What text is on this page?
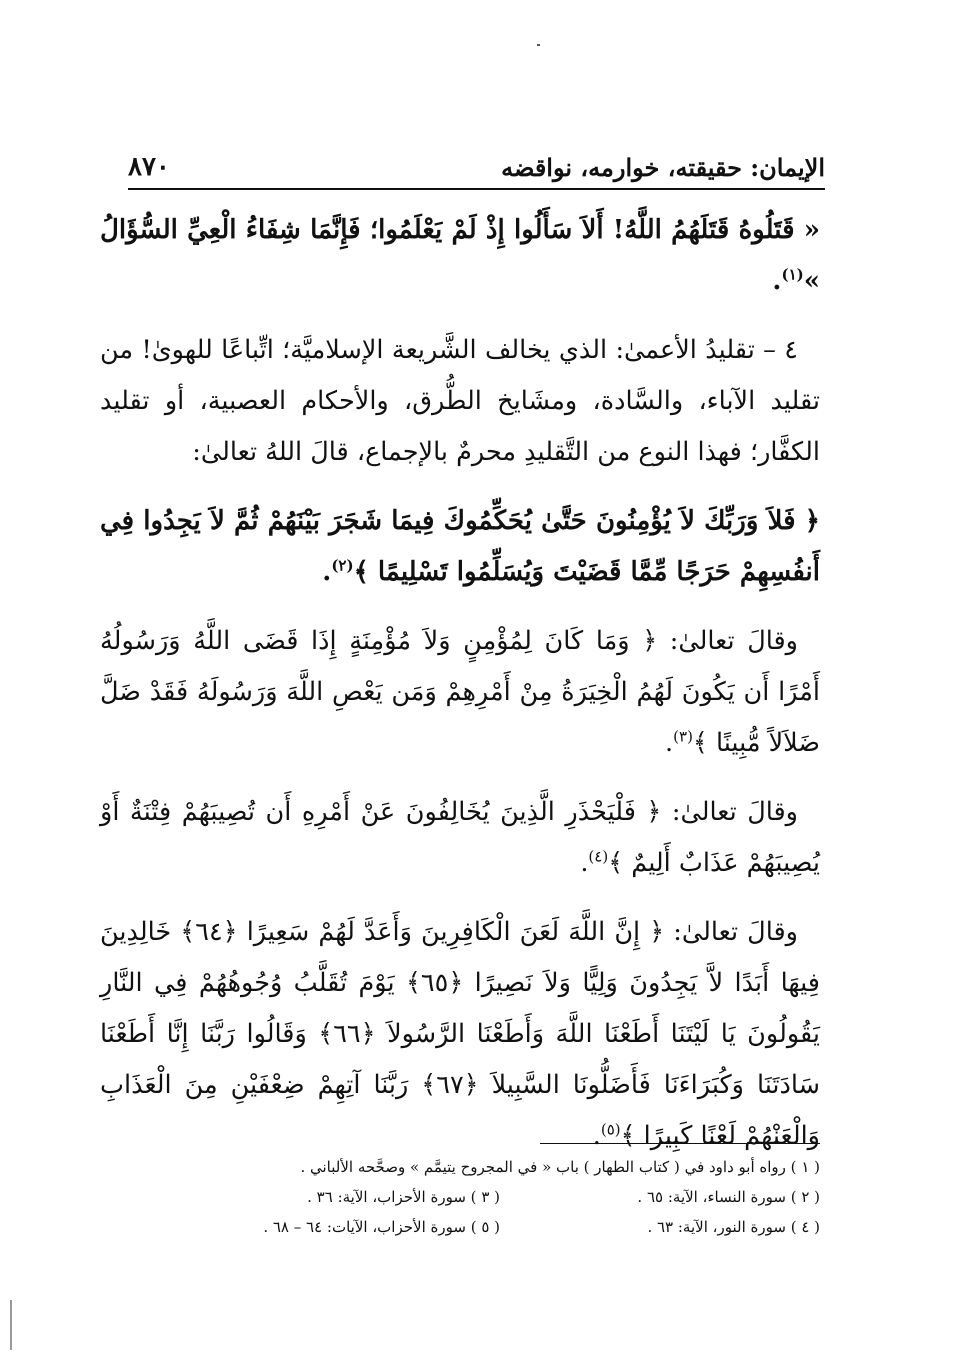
الإيمان: حقيقته، خوارمه، نواقضه
٨٧٠

« قَتَلُوهُ قَتَلَهُمُ اللَّهُ! أَلاَ سَأَلُوا إِذْ لَمْ يَعْلَمُوا؛ فَإِنَّمَا شِفَاءُ الْعِيِّ السُّؤَالُ »$^{(١)}$.

٤ – تقليدُ الأعمىٰ: الذي يخالف الشَّريعة الإسلاميَّة؛ اتِّباعًا للهوىٰ! من تقليد الآباء، والسَّادة، ومشَايخ الطُّرق، والأحكام العصبية، أو تقليد الكفَّار؛ فهذا النوع من التَّقليدِ محرمٌ بالإجماع، قالَ اللهُ تعالىٰ:

﴿ فَلاَ وَرَبِّكَ لاَ يُؤْمِنُونَ حَتَّىٰ يُحَكِّمُوكَ فِيمَا شَجَرَ بَيْنَهُمْ ثُمَّ لاَ يَجِدُوا فِي أَنفُسِهِمْ حَرَجًا مِّمَّا قَضَيْتَ وَيُسَلِّمُوا تَسْلِيمًا ﴾$^{(٢)}$.

وقالَ تعالىٰ: ﴿ وَمَا كَانَ لِمُؤْمِنٍ وَلاَ مُؤْمِنَةٍ إِذَا قَضَى اللَّهُ وَرَسُولُهُ أَمْرًا أَن يَكُونَ لَهُمُ الْخِيَرَةُ مِنْ أَمْرِهِمْ وَمَن يَعْصِ اللَّهَ وَرَسُولَهُ فَقَدْ ضَلَّ ضَلاَلاً مُّبِينًا ﴾$^{(٣)}$.

وقالَ تعالىٰ: ﴿ فَلْيَحْذَرِ الَّذِينَ يُخَالِفُونَ عَنْ أَمْرِهِ أَن تُصِيبَهُمْ فِتْنَةٌ أَوْ يُصِيبَهُمْ عَذَابٌ أَلِيمٌ ﴾$^{(٤)}$.

وقالَ تعالىٰ: ﴿ إِنَّ اللَّهَ لَعَنَ الْكَافِرِينَ وَأَعَدَّ لَهُمْ سَعِيرًا ﴿٦٤﴾ خَالِدِينَ فِيهَا أَبَدًا لاَّ يَجِدُونَ وَلِيًّا وَلاَ نَصِيرًا ﴿٦٥﴾ يَوْمَ تُقَلَّبُ وُجُوهُهُمْ فِي النَّارِ يَقُولُونَ يَا لَيْتَنَا أَطَعْنَا اللَّهَ وَأَطَعْنَا الرَّسُولاَ ﴿٦٦﴾ وَقَالُوا رَبَّنَا إِنَّا أَطَعْنَا سَادَتَنَا وَكُبَرَاءَنَا فَأَضَلُّونَا السَّبِيلاَ ﴿٦٧﴾ رَبَّنَا آتِهِمْ ضِعْفَيْنِ مِنَ الْعَذَابِ وَالْعَنْهُمْ لَعْنًا كَبِيرًا ﴾$^{(٥)}$.

( ١ ) رواه أبو داود في ( كتاب الطهار ) باب « في المجروح يتيمَّم » وصحَّحه الألباني .
( ٢ ) سورة النساء، الآية: ٦٥ .
( ٣ ) سورة الأحزاب، الآية: ٣٦ .
( ٤ ) سورة النور، الآية: ٦٣ .
( ٥ ) سورة الأحزاب، الآيات: ٦٤ – ٦٨ .
